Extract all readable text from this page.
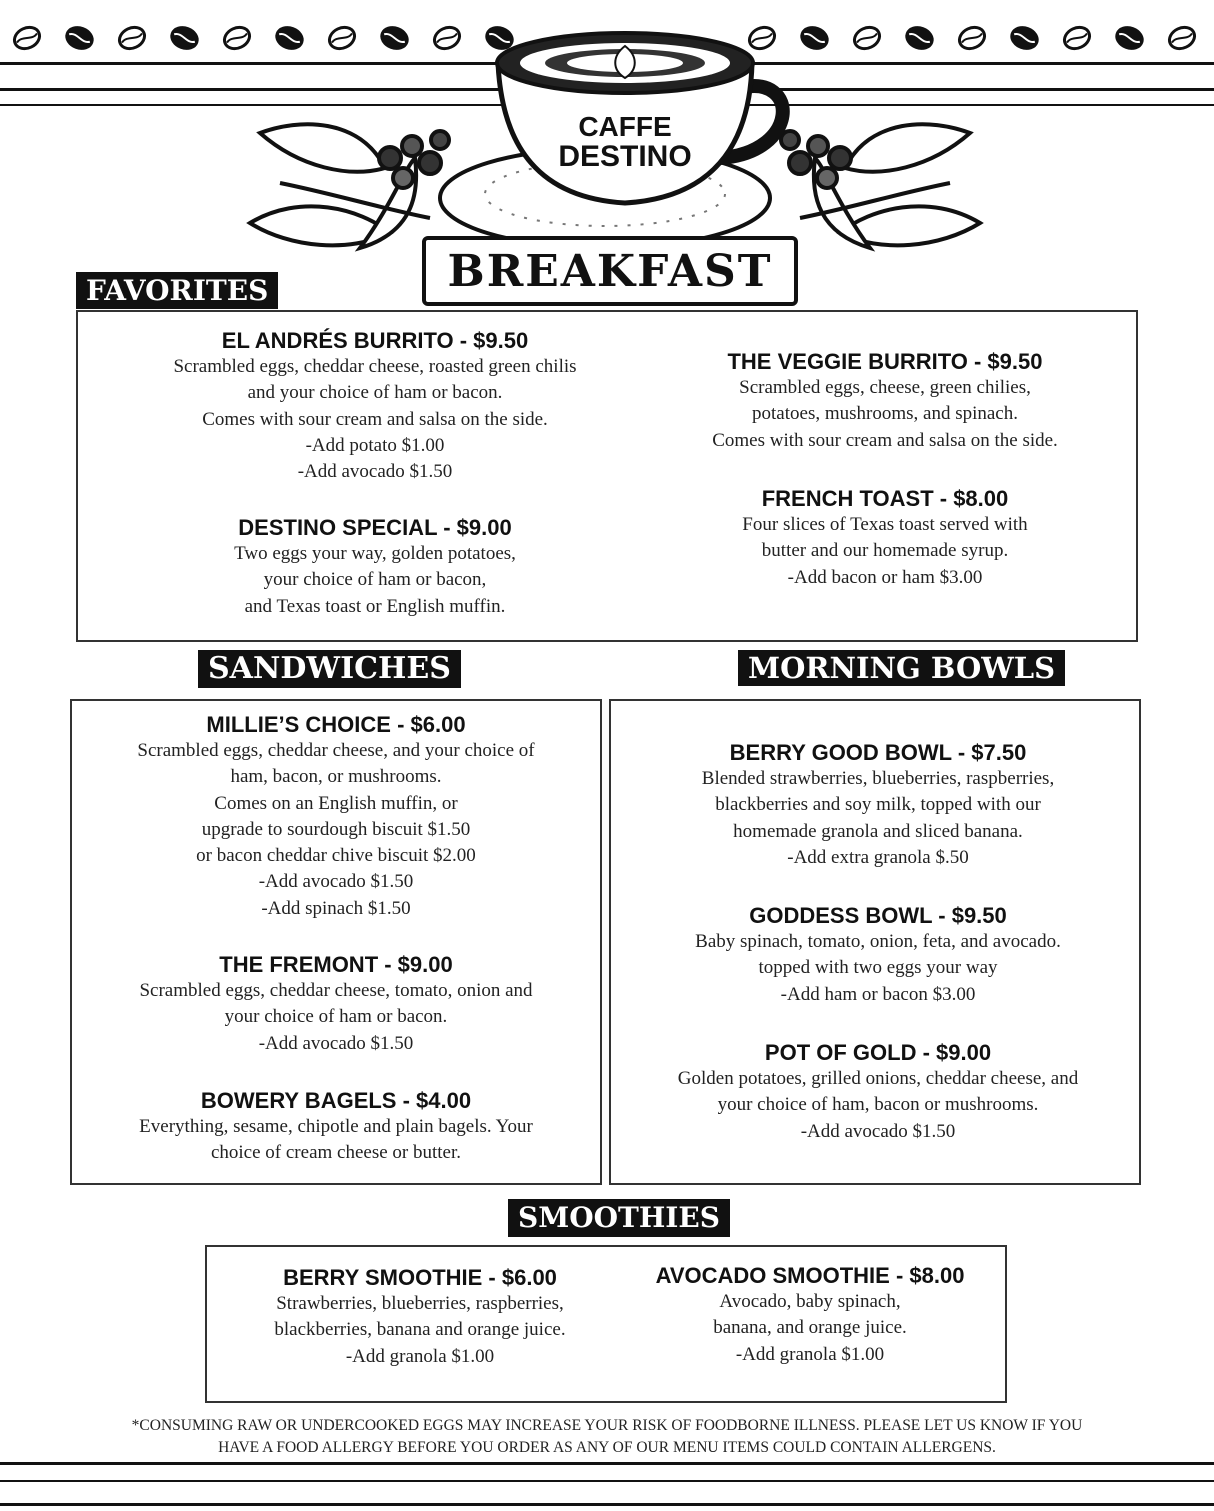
CAFFE
DESTINO
BREAKFAST
FAVORITES
EL ANDRÉS BURRITO - $9.50
Scrambled eggs, cheddar cheese, roasted green chilis
and your choice of ham or bacon.
Comes with sour cream and salsa on the side.
-Add potato $1.00
-Add avocado $1.50
DESTINO SPECIAL - $9.00
Two eggs your way, golden potatoes,
your choice of ham or bacon,
and Texas toast or English muffin.
THE VEGGIE BURRITO - $9.50
Scrambled eggs, cheese, green chilies,
potatoes, mushrooms, and spinach.
Comes with sour cream and salsa on the side.
FRENCH TOAST - $8.00
Four slices of Texas toast served with
butter and our homemade syrup.
-Add bacon or ham $3.00
SANDWICHES
MILLIE’S CHOICE - $6.00
Scrambled eggs, cheddar cheese, and your choice of
ham, bacon, or mushrooms.
Comes on an English muffin, or
upgrade to sourdough biscuit $1.50
or bacon cheddar chive biscuit $2.00
-Add avocado $1.50
-Add spinach $1.50
THE FREMONT - $9.00
Scrambled eggs, cheddar cheese, tomato, onion and
your choice of ham or bacon.
-Add avocado $1.50
BOWERY BAGELS - $4.00
Everything, sesame, chipotle and plain bagels. Your
choice of cream cheese or butter.
MORNING BOWLS
BERRY GOOD BOWL - $7.50
Blended strawberries, blueberries, raspberries,
blackberries and soy milk, topped with our
homemade granola and sliced banana.
-Add extra granola $.50
GODDESS BOWL - $9.50
Baby spinach, tomato, onion, feta, and avocado.
topped with two eggs your way
-Add ham or bacon $3.00
POT OF GOLD - $9.00
Golden potatoes, grilled onions, cheddar cheese, and
your choice of ham, bacon or mushrooms.
-Add avocado $1.50
SMOOTHIES
BERRY SMOOTHIE - $6.00
Strawberries, blueberries, raspberries,
blackberries, banana and orange juice.
-Add granola $1.00
AVOCADO SMOOTHIE - $8.00
Avocado, baby spinach,
banana, and orange juice.
-Add granola $1.00
*CONSUMING RAW OR UNDERCOOKED EGGS MAY INCREASE YOUR RISK OF FOODBORNE ILLNESS. PLEASE LET US KNOW IF YOU
HAVE A FOOD ALLERGY BEFORE YOU ORDER AS ANY OF OUR MENU ITEMS COULD CONTAIN ALLERGENS.
